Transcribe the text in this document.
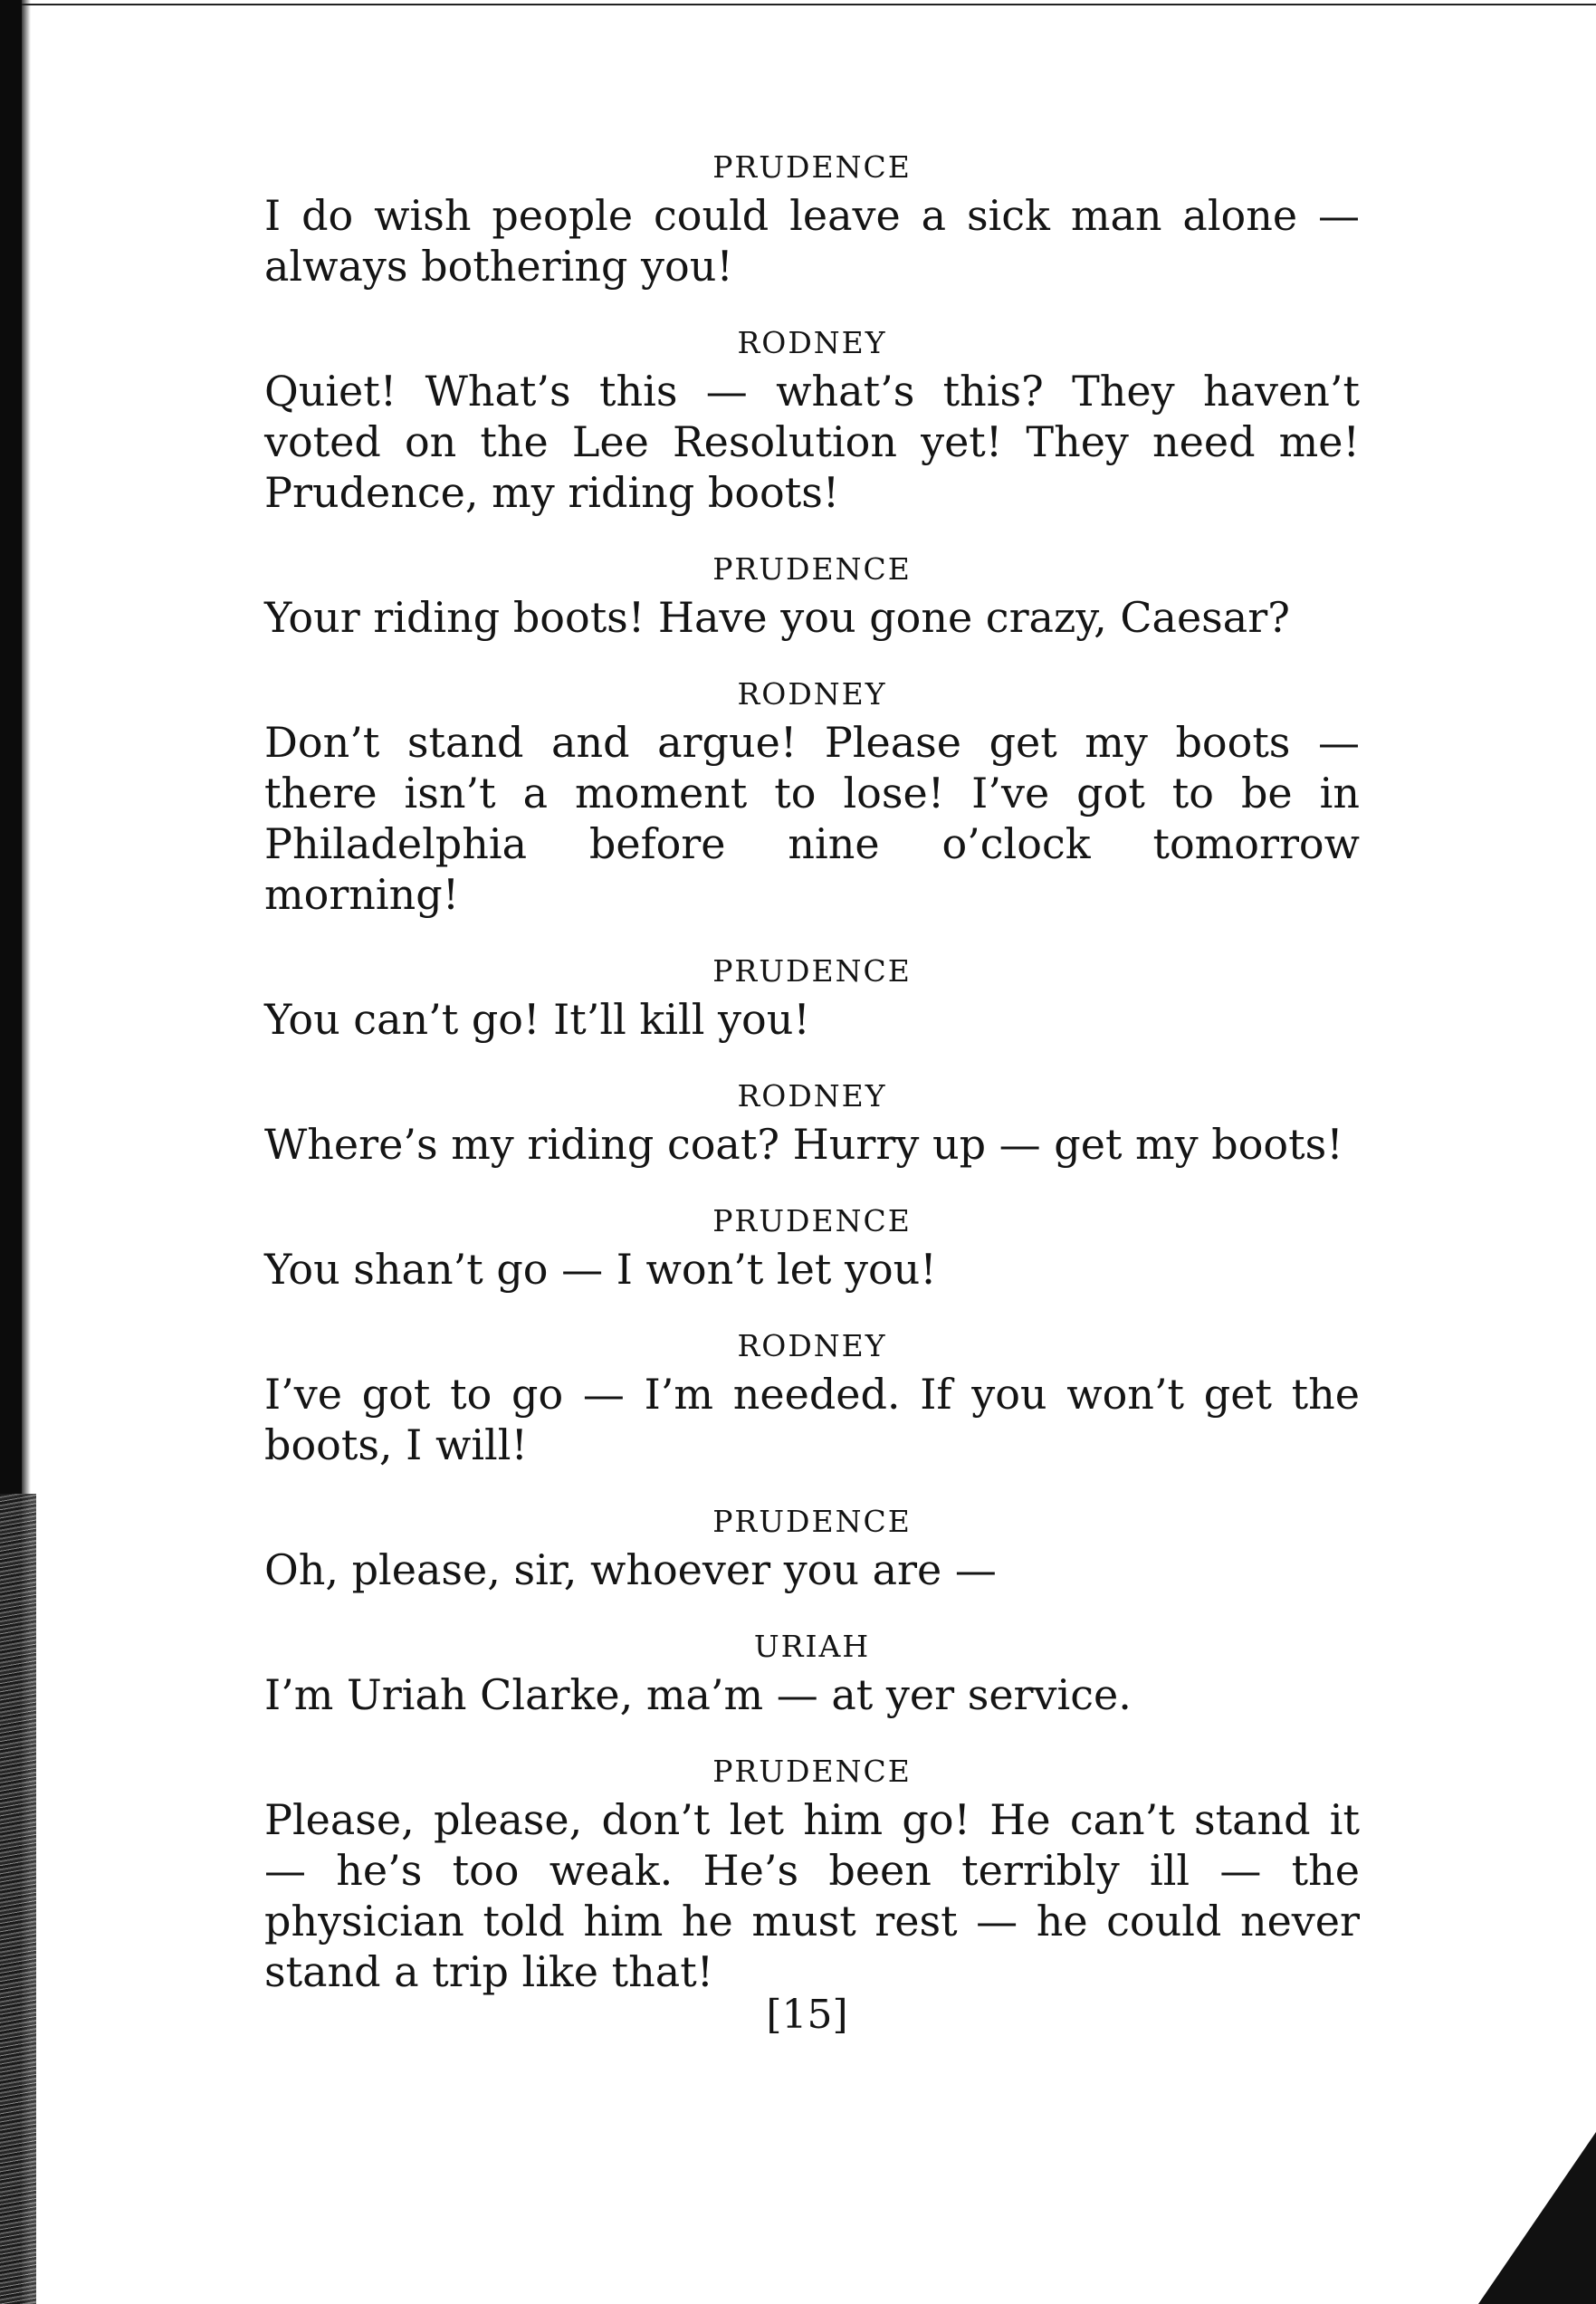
PRUDENCE

I do wish people could leave a sick man alone — always bothering you!

RODNEY

Quiet! What’s this — what’s this? They haven’t voted on the Lee Resolution yet! They need me! Prudence, my riding boots!

PRUDENCE

Your riding boots! Have you gone crazy, Caesar?

RODNEY

Don’t stand and argue! Please get my boots — there isn’t a moment to lose! I’ve got to be in Philadelphia before nine o’clock tomorrow morning!

PRUDENCE

You can’t go! It’ll kill you!

RODNEY

Where’s my riding coat? Hurry up — get my boots!

PRUDENCE

You shan’t go — I won’t let you!

RODNEY

I’ve got to go — I’m needed. If you won’t get the boots, I will!

PRUDENCE

Oh, please, sir, whoever you are —

URIAH

I’m Uriah Clarke, ma’m — at yer service.

PRUDENCE

Please, please, don’t let him go! He can’t stand it — he’s too weak. He’s been terribly ill — the physician told him he must rest — he could never stand a trip like that!

[15]
